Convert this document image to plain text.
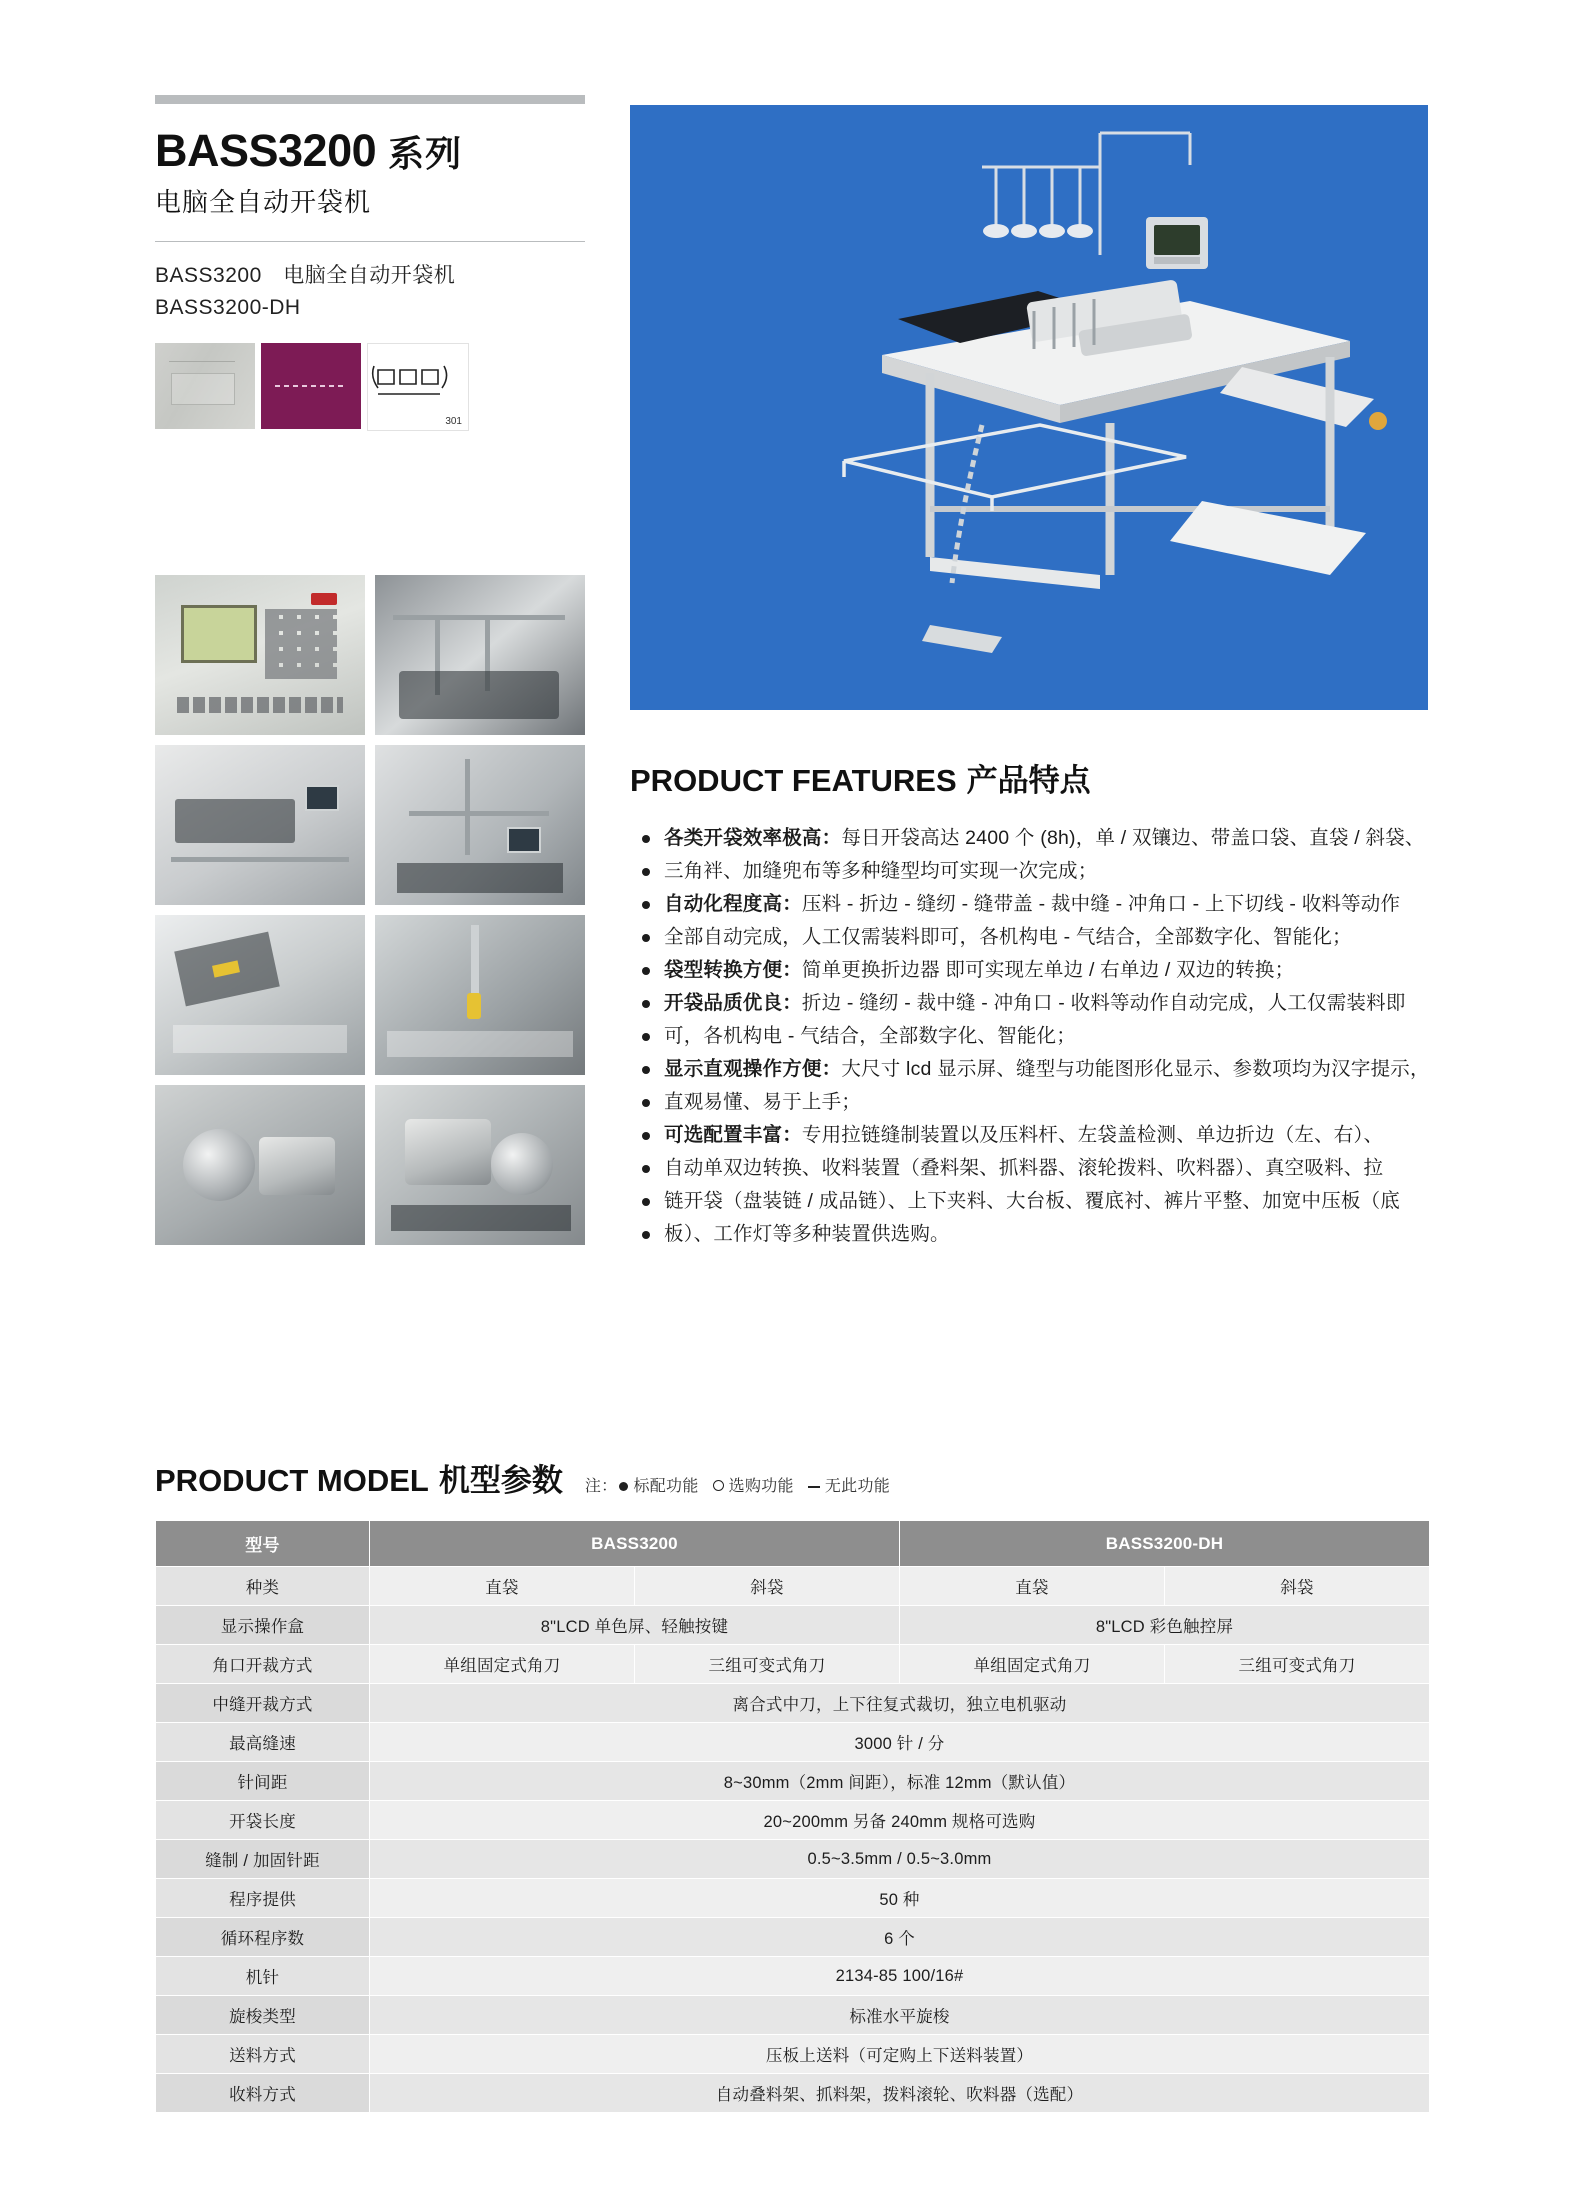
BASS3200 系列
电脑全自动开袋机
BASS3200　电脑全自动开袋机
BASS3200-DH
301
PRODUCT FEATURES 产品特点
各类开袋效率极高：每日开袋高达 2400 个 (8h)，单 / 双镶边、带盖口袋、直袋 / 斜袋、
三角袢、加缝兜布等多种缝型均可实现一次完成；
自动化程度高：压料 - 折边 - 缝纫 - 缝带盖 - 裁中缝 - 冲角口 - 上下切线 - 收料等动作
全部自动完成，人工仅需装料即可，各机构电 - 气结合，全部数字化、智能化；
袋型转换方便：简单更换折边器 即可实现左单边 / 右单边 / 双边的转换；
开袋品质优良：折边 - 缝纫 - 裁中缝 - 冲角口 - 收料等动作自动完成，人工仅需装料即
可，各机构电 - 气结合，全部数字化、智能化；
显示直观操作方便：大尺寸 lcd 显示屏、缝型与功能图形化显示、参数项均为汉字提示，
直观易懂、易于上手；
可选配置丰富：专用拉链缝制装置以及压料杆、左袋盖检测、单边折边（左、右）、
自动单双边转换、收料装置（叠料架、抓料器、滚轮拨料、吹料器）、真空吸料、拉
链开袋（盘装链 / 成品链）、上下夹料、大台板、覆底衬、裤片平整、加宽中压板（底
板）、工作灯等多种装置供选购。
PRODUCT MODEL 机型参数 注： 标配功能 选购功能 无此功能
型号	BASS3200		BASS3200-DH	
种类	直袋	斜袋	直袋	斜袋
显示操作盒	8"LCD 单色屏、轻触按键		8"LCD 彩色触控屏	
角口开裁方式	单组固定式角刀	三组可变式角刀	单组固定式角刀	三组可变式角刀
中缝开裁方式	离合式中刀，上下往复式裁切，独立电机驱动			
最高缝速	3000 针 / 分			
针间距	8~30mm（2mm 间距），标准 12mm（默认值）			
开袋长度	20~200mm 另备 240mm 规格可选购			
缝制 / 加固针距	0.5~3.5mm / 0.5~3.0mm			
程序提供	50 种			
循环程序数	6 个			
机针	2134-85 100/16#			
旋梭类型	标准水平旋梭			
送料方式	压板上送料（可定购上下送料装置）			
收料方式	自动叠料架、抓料架，拨料滚轮、吹料器（选配）			
